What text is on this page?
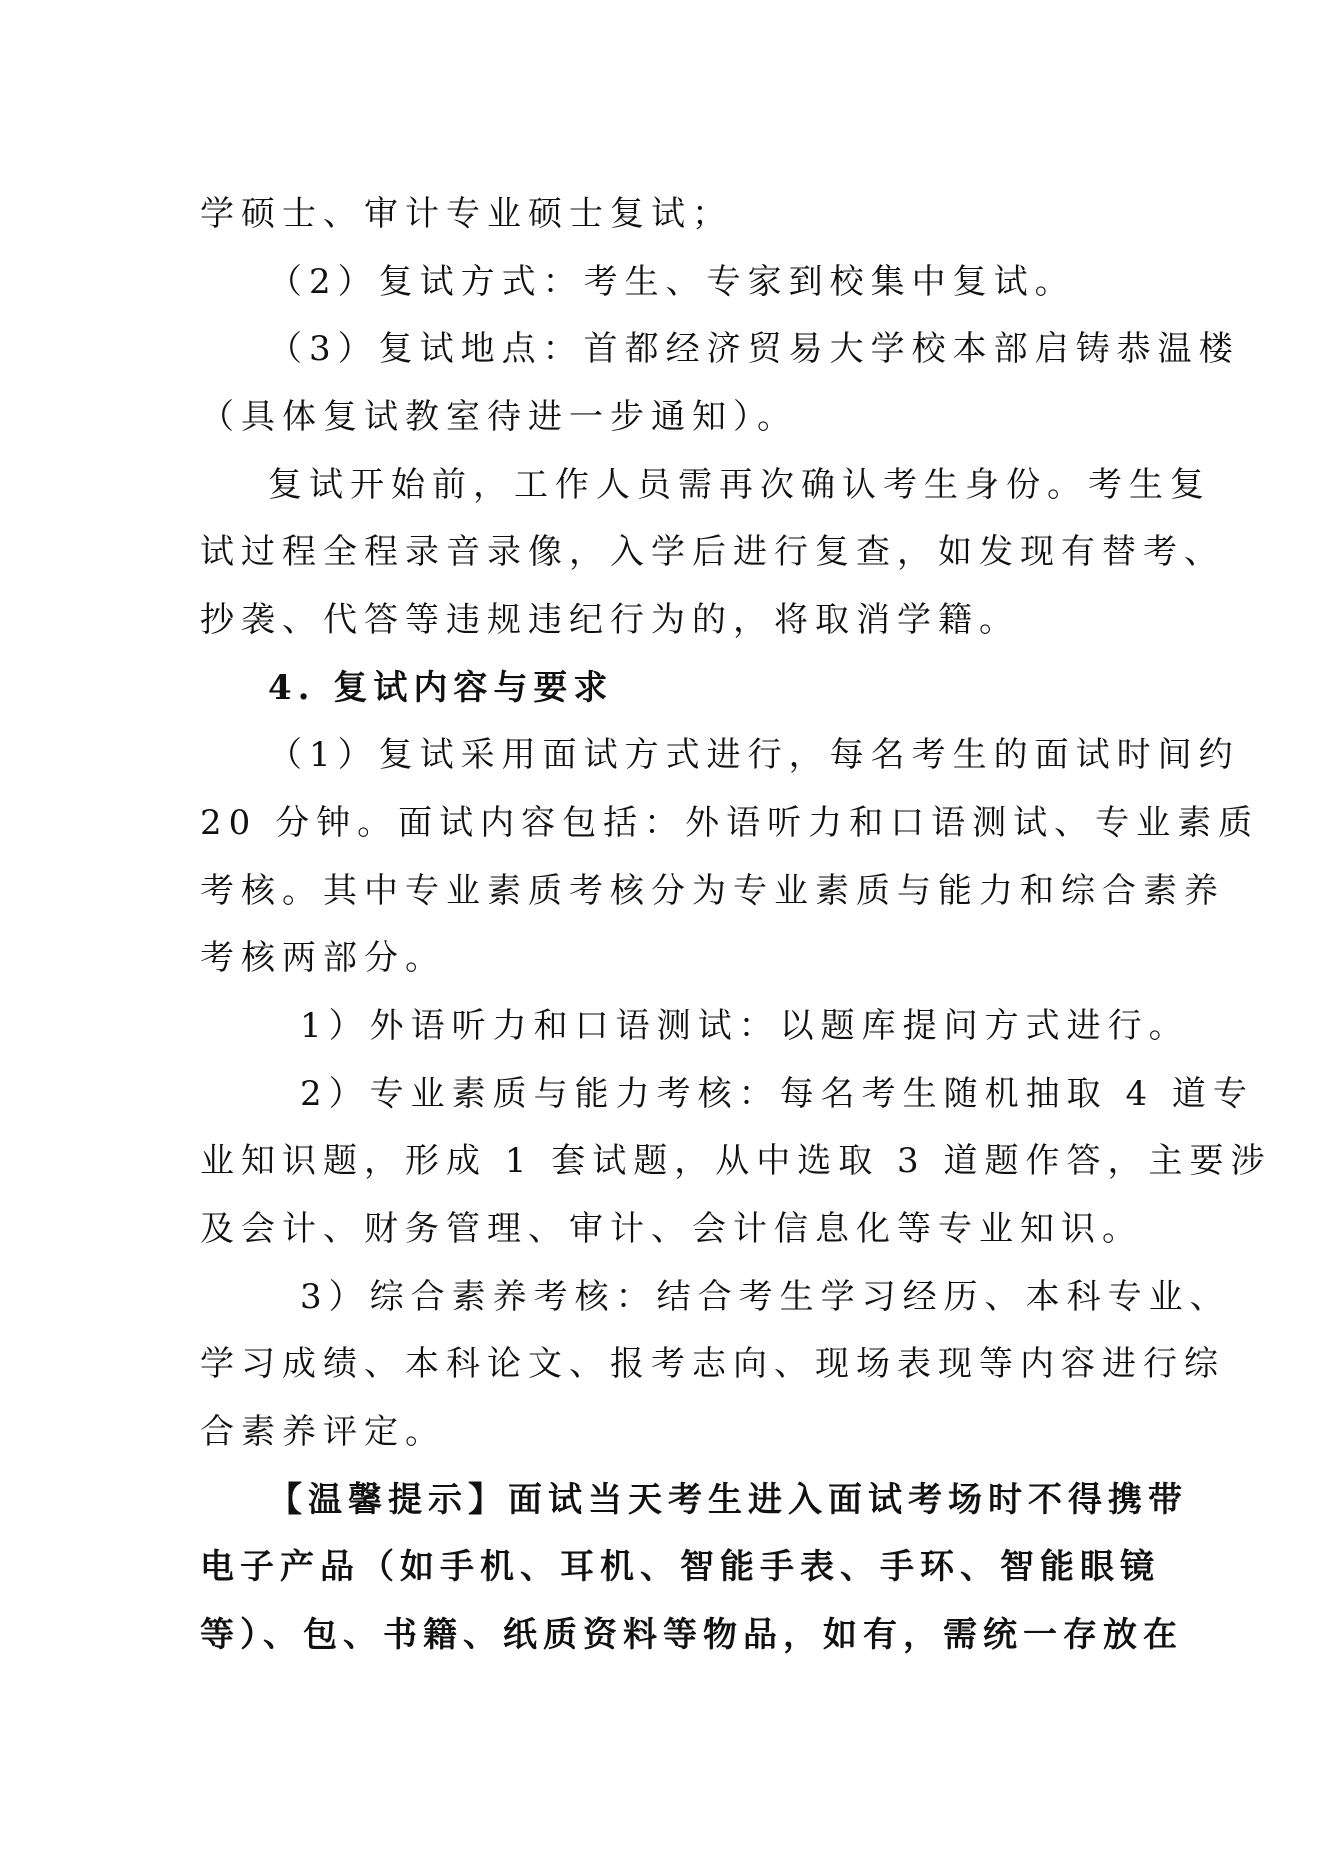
学硕士、审计专业硕士复试；

（2）复试方式：考生、专家到校集中复试。

（3）复试地点：首都经济贸易大学校本部启铸恭温楼

（具体复试教室待进一步通知）。

复试开始前，工作人员需再次确认考生身份。考生复

试过程全程录音录像，入学后进行复查，如发现有替考、

抄袭、代答等违规违纪行为的，将取消学籍。

4. 复试内容与要求

（1）复试采用面试方式进行，每名考生的面试时间约

20 分钟。面试内容包括：外语听力和口语测试、专业素质

考核。其中专业素质考核分为专业素质与能力和综合素养

考核两部分。

1）外语听力和口语测试：以题库提问方式进行。

2）专业素质与能力考核：每名考生随机抽取 4 道专

业知识题，形成 1 套试题，从中选取 3 道题作答，主要涉

及会计、财务管理、审计、会计信息化等专业知识。

3）综合素养考核：结合考生学习经历、本科专业、

学习成绩、本科论文、报考志向、现场表现等内容进行综

合素养评定。

【温馨提示】面试当天考生进入面试考场时不得携带

电子产品（如手机、耳机、智能手表、手环、智能眼镜

等）、包、书籍、纸质资料等物品，如有，需统一存放在
